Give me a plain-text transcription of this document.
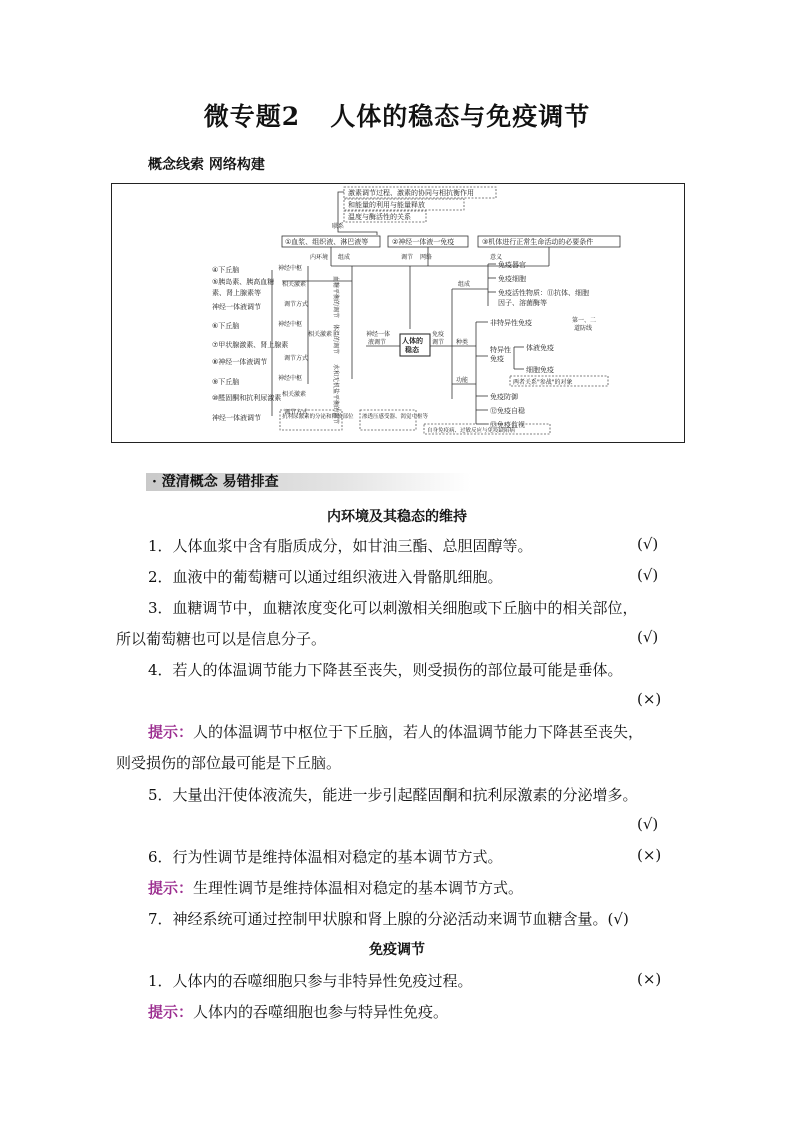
微专题2 人体的稳态与免疫调节
概念线索 网络构建
激素调节过程、激素的协同与相抗衡作用
和能量的利用与能量释放
温度与酶活性的关系
联系
①血浆、组织液、淋巴液等	②神经一体液一免疫	③机体进行正常生命活动的必要条件
内环境 组成	调节 网络	意义
人体的
稳态
④下丘脑
⑤胰岛素、胰高血糖
素、肾上腺素等
神经一体液调节
⑥下丘脑
⑦甲状腺激素、肾上腺素
⑧神经一体液调节
⑨下丘脑
⑩醛固酮和抗利尿激素
神经一体液调节
神经中枢
相关激素
调节方式
神经中枢
相关激素
调节方式
神经中枢
相关激素
调节方式
血糖平衡的调节
体温的调节
水和无机盐平衡的调节
神经一体
液调节
免疫
调节
组成
种类
功能
免疫器官
免疫细胞
免疫活性物质：⑪抗体、细胞
因子、溶菌酶等
非特异性免疫	第一、二
道防线
特异性
免疫
体液免疫
细胞免疫
两者关系"参战"的对象
免疫防御
⑫免疫自稳
⑬免疫监视
抗利尿激素的分泌和释放部位 渗透压感受器、渴觉中枢等
自身免疫病、过敏反应与免疫缺陷病
· 澄清概念 易错排查
内环境及其稳态的维持
1．人体血浆中含有脂质成分，如甘油三酯、总胆固醇等。	(√)
2．血液中的葡萄糖可以通过组织液进入骨骼肌细胞。	(√)
3．血糖调节中，血糖浓度变化可以刺激相关细胞或下丘脑中的相关部位，
所以葡萄糖也可以是信息分子。	(√)
4．若人的体温调节能力下降甚至丧失，则受损伤的部位最可能是垂体。
(×)
提示：人的体温调节中枢位于下丘脑，若人的体温调节能力下降甚至丧失，
则受损伤的部位最可能是下丘脑。
5．大量出汗使体液流失，能进一步引起醛固酮和抗利尿激素的分泌增多。
(√)
6．行为性调节是维持体温相对稳定的基本调节方式。	(×)
提示：生理性调节是维持体温相对稳定的基本调节方式。
7．神经系统可通过控制甲状腺和肾上腺的分泌活动来调节血糖含量。(√)
免疫调节
1．人体内的吞噬细胞只参与非特异性免疫过程。	(×)
提示：人体内的吞噬细胞也参与特异性免疫。
